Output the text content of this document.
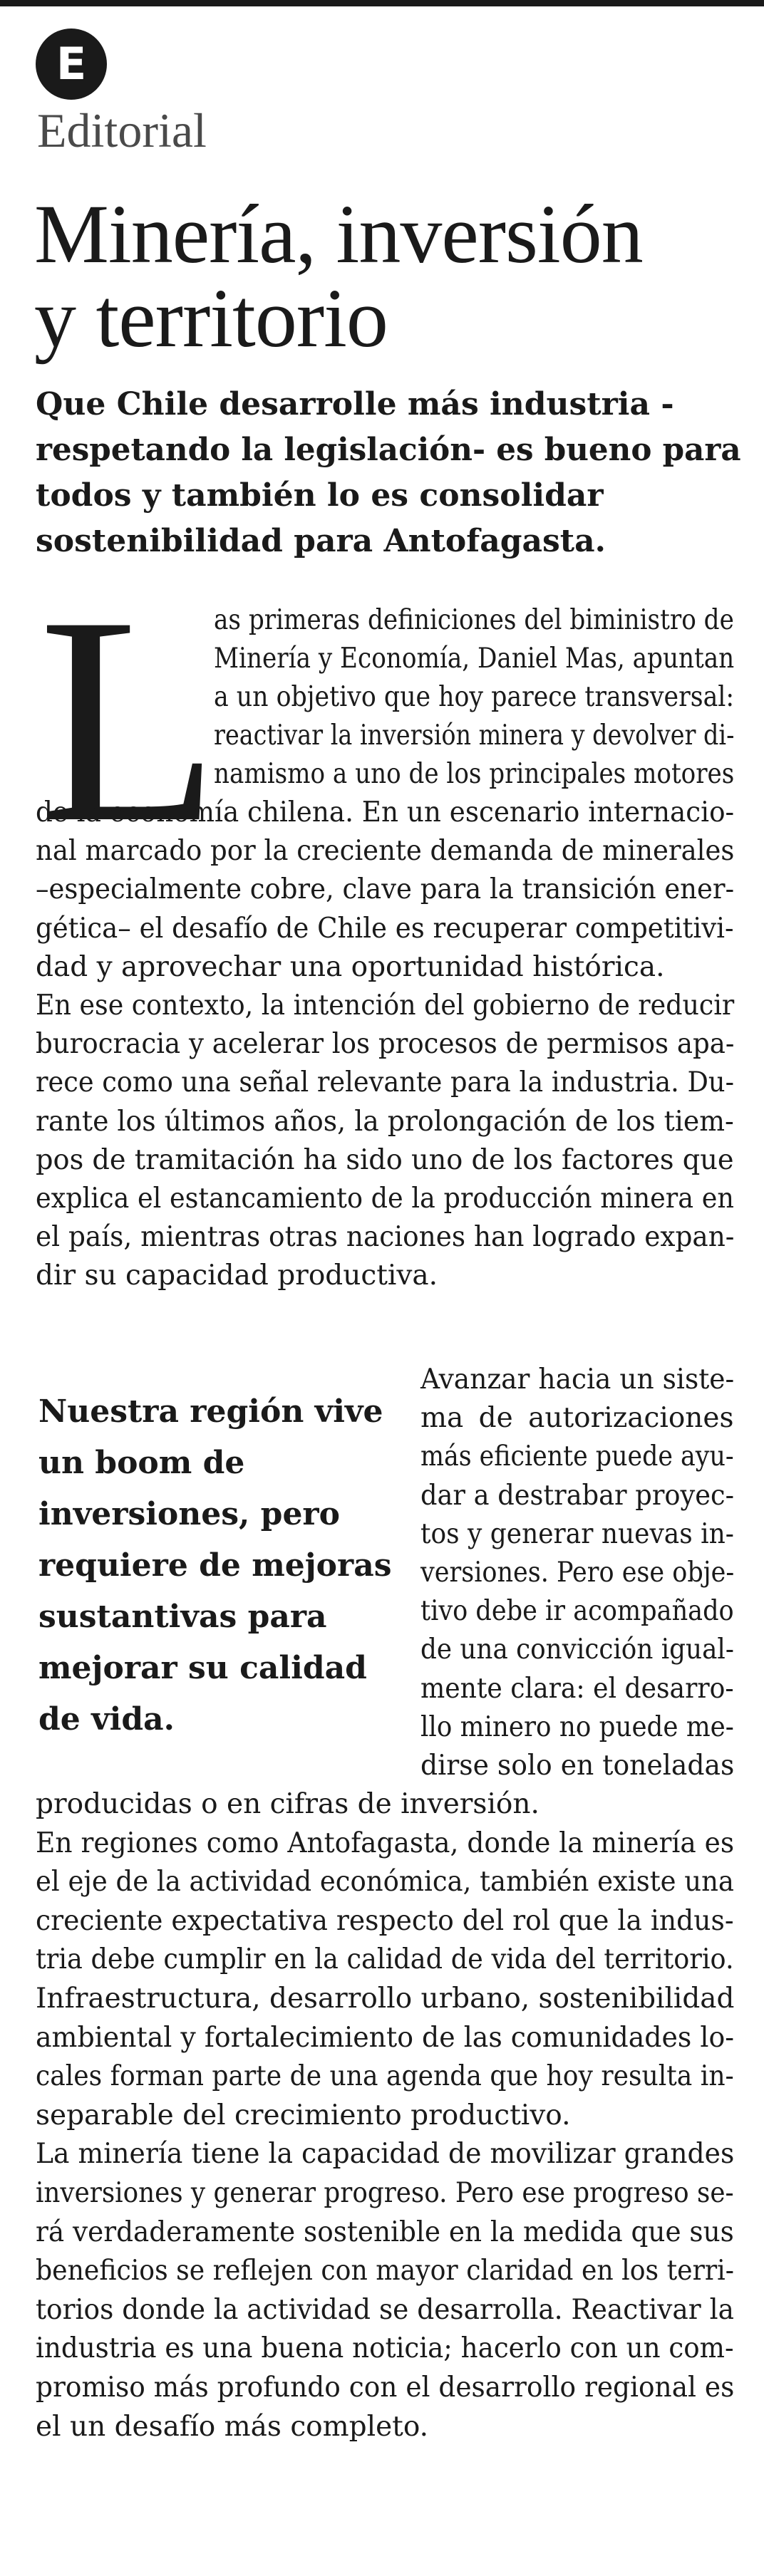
E
Editorial
Minería, inversión
y territorio
Que Chile desarrolle más industria -
respetando la legislación- es bueno para
todos y también lo es consolidar
sostenibilidad para Antofagasta.
L
as primeras definiciones del biministro de
Minería y Economía, Daniel Mas, apuntan
a un objetivo que hoy parece transversal:
reactivar la inversión minera y devolver di-
namismo a uno de los principales motores
de la economía chilena. En un escenario internacio-
nal marcado por la creciente demanda de minerales
–especialmente cobre, clave para la transición ener-
gética– el desafío de Chile es recuperar competitivi-
dad y aprovechar una oportunidad histórica.
En ese contexto, la intención del gobierno de reducir
burocracia y acelerar los procesos de permisos apa-
rece como una señal relevante para la industria. Du-
rante los últimos años, la prolongación de los tiem-
pos de tramitación ha sido uno de los factores que
explica el estancamiento de la producción minera en
el país, mientras otras naciones han logrado expan-
dir su capacidad productiva.
Avanzar hacia un siste-
ma de autorizaciones
más eficiente puede ayu-
dar a destrabar proyec-
tos y generar nuevas in-
versiones. Pero ese obje-
tivo debe ir acompañado
de una convicción igual-
mente clara: el desarro-
llo minero no puede me-
dirse solo en toneladas
producidas o en cifras de inversión.
En regiones como Antofagasta, donde la minería es
el eje de la actividad económica, también existe una
creciente expectativa respecto del rol que la indus-
tria debe cumplir en la calidad de vida del territorio.
Infraestructura, desarrollo urbano, sostenibilidad
ambiental y fortalecimiento de las comunidades lo-
cales forman parte de una agenda que hoy resulta in-
separable del crecimiento productivo.
La minería tiene la capacidad de movilizar grandes
inversiones y generar progreso. Pero ese progreso se-
rá verdaderamente sostenible en la medida que sus
beneficios se reflejen con mayor claridad en los terri-
torios donde la actividad se desarrolla. Reactivar la
industria es una buena noticia; hacerlo con un com-
promiso más profundo con el desarrollo regional es
el un desafío más completo.
Nuestra región vive
un boom de
inversiones, pero
requiere de mejoras
sustantivas para
mejorar su calidad
de vida.
